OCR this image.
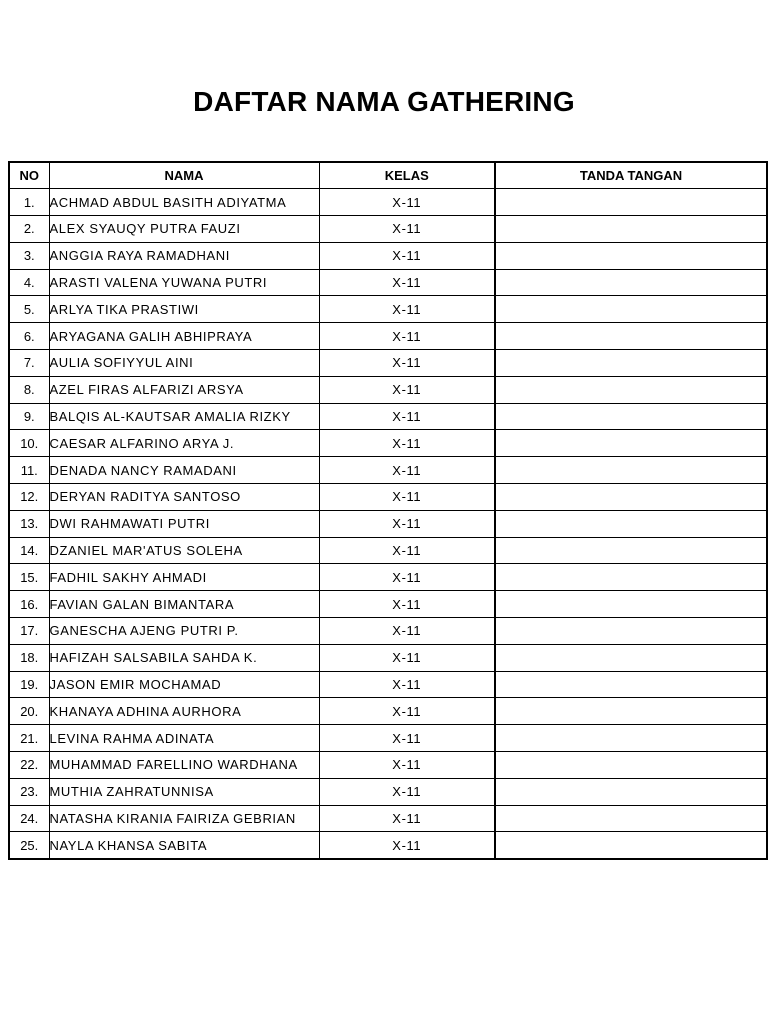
DAFTAR NAMA GATHERING
NO	NAMA	KELAS	TANDA TANGAN
1.	ACHMAD ABDUL BASITH ADIYATMA	X-11	
2.	ALEX SYAUQY PUTRA FAUZI	X-11	
3.	ANGGIA RAYA RAMADHANI	X-11	
4.	ARASTI VALENA YUWANA PUTRI	X-11	
5.	ARLYA TIKA PRASTIWI	X-11	
6.	ARYAGANA GALIH ABHIPRAYA	X-11	
7.	AULIA SOFIYYUL AINI	X-11	
8.	AZEL FIRAS ALFARIZI ARSYA	X-11	
9.	BALQIS AL-KAUTSAR AMALIA RIZKY	X-11	
10.	CAESAR ALFARINO ARYA J.	X-11	
11.	DENADA NANCY RAMADANI	X-11	
12.	DERYAN RADITYA SANTOSO	X-11	
13.	DWI RAHMAWATI PUTRI	X-11	
14.	DZANIEL MAR'ATUS SOLEHA	X-11	
15.	FADHIL SAKHY AHMADI	X-11	
16.	FAVIAN GALAN BIMANTARA	X-11	
17.	GANESCHA AJENG PUTRI P.	X-11	
18.	HAFIZAH SALSABILA SAHDA K.	X-11	
19.	JASON EMIR MOCHAMAD	X-11	
20.	KHANAYA ADHINA AURHORA	X-11	
21.	LEVINA RAHMA ADINATA	X-11	
22.	MUHAMMAD FARELLINO WARDHANA	X-11	
23.	MUTHIA ZAHRATUNNISA	X-11	
24.	NATASHA KIRANIA FAIRIZA GEBRIAN	X-11	
25.	NAYLA KHANSA SABITA	X-11	
